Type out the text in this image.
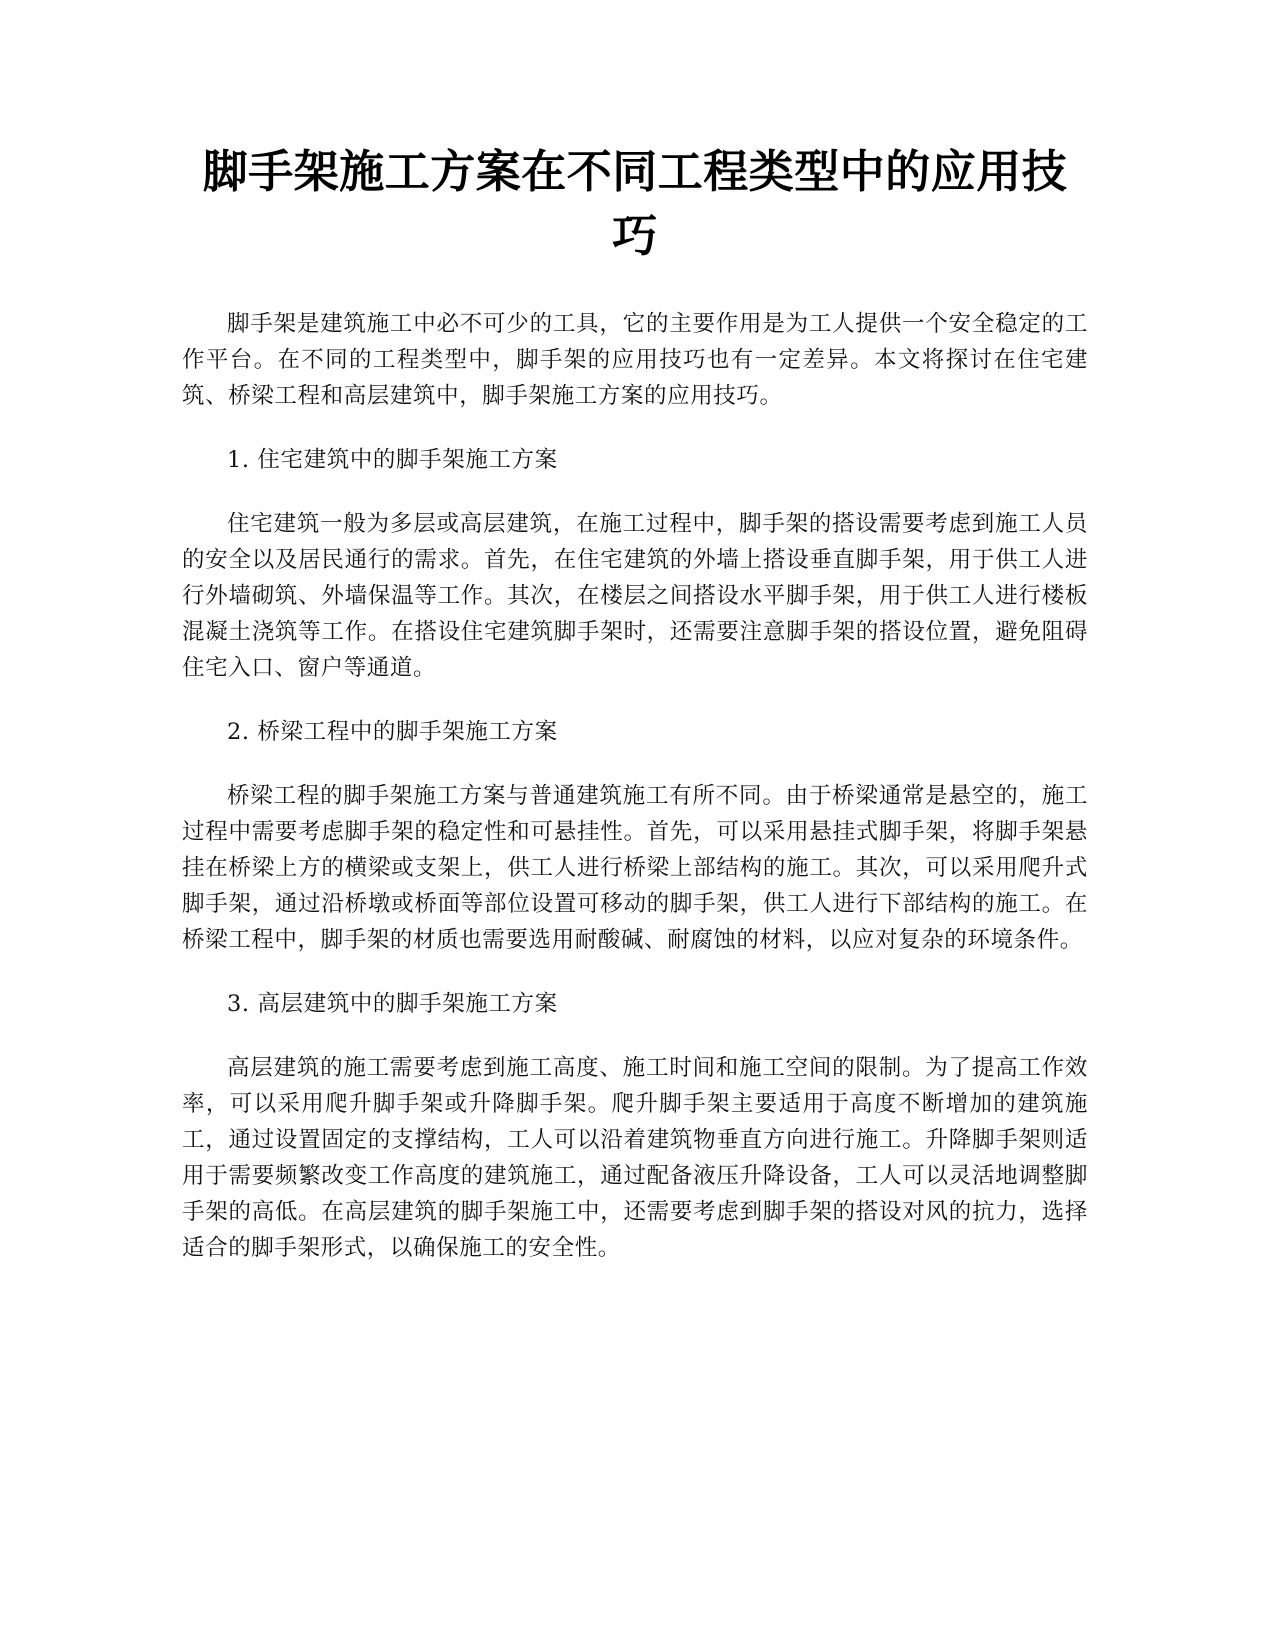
脚手架施工方案在不同工程类型中的应用技巧

脚手架是建筑施工中必不可少的工具，它的主要作用是为工人提供一个安全稳定的工作平台。在不同的工程类型中，脚手架的应用技巧也有一定差异。本文将探讨在住宅建筑、桥梁工程和高层建筑中，脚手架施工方案的应用技巧。

1. 住宅建筑中的脚手架施工方案

住宅建筑一般为多层或高层建筑，在施工过程中，脚手架的搭设需要考虑到施工人员的安全以及居民通行的需求。首先，在住宅建筑的外墙上搭设垂直脚手架，用于供工人进行外墙砌筑、外墙保温等工作。其次，在楼层之间搭设水平脚手架，用于供工人进行楼板混凝土浇筑等工作。在搭设住宅建筑脚手架时，还需要注意脚手架的搭设位置，避免阻碍住宅入口、窗户等通道。

2. 桥梁工程中的脚手架施工方案

桥梁工程的脚手架施工方案与普通建筑施工有所不同。由于桥梁通常是悬空的，施工过程中需要考虑脚手架的稳定性和可悬挂性。首先，可以采用悬挂式脚手架，将脚手架悬挂在桥梁上方的横梁或支架上，供工人进行桥梁上部结构的施工。其次，可以采用爬升式脚手架，通过沿桥墩或桥面等部位设置可移动的脚手架，供工人进行下部结构的施工。在桥梁工程中，脚手架的材质也需要选用耐酸碱、耐腐蚀的材料，以应对复杂的环境条件。

3. 高层建筑中的脚手架施工方案

高层建筑的施工需要考虑到施工高度、施工时间和施工空间的限制。为了提高工作效率，可以采用爬升脚手架或升降脚手架。爬升脚手架主要适用于高度不断增加的建筑施工，通过设置固定的支撑结构，工人可以沿着建筑物垂直方向进行施工。升降脚手架则适用于需要频繁改变工作高度的建筑施工，通过配备液压升降设备，工人可以灵活地调整脚手架的高低。在高层建筑的脚手架施工中，还需要考虑到脚手架的搭设对风的抗力，选择适合的脚手架形式，以确保施工的安全性。
